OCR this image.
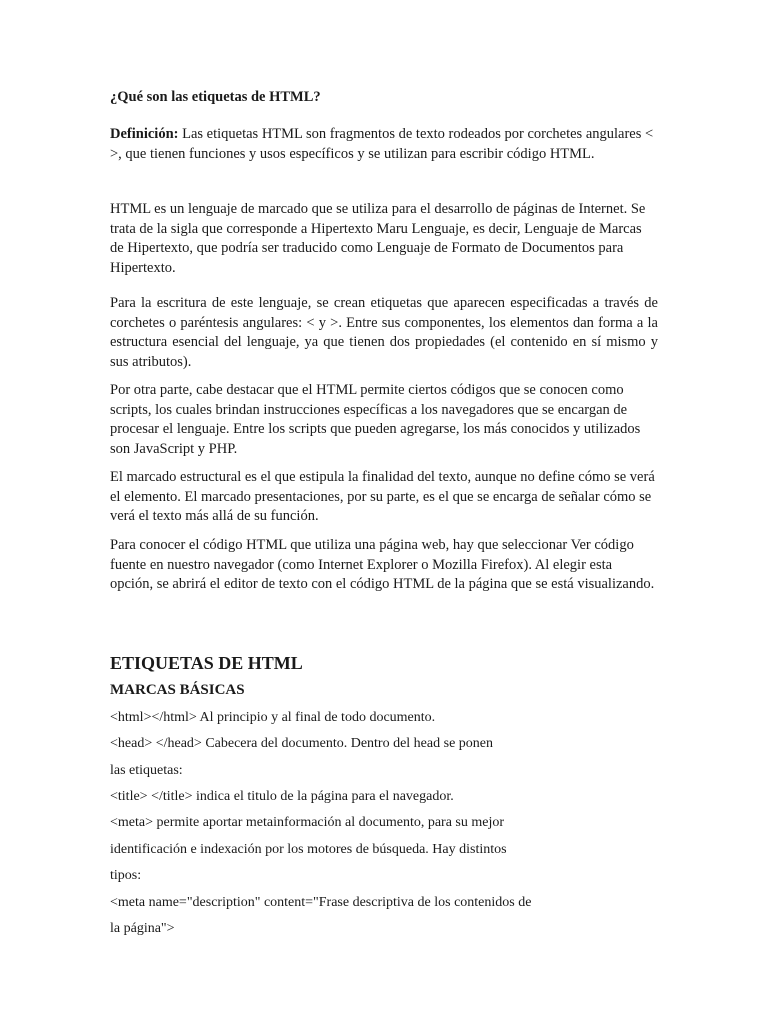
¿Qué son las etiquetas de HTML?

Definición: Las etiquetas HTML son fragmentos de texto rodeados por corchetes angulares < >, que tienen funciones y usos específicos y se utilizan para escribir código HTML.

HTML es un lenguaje de marcado que se utiliza para el desarrollo de páginas de Internet. Se trata de la sigla que corresponde a Hipertexto Maru Lenguaje, es decir, Lenguaje de Marcas de Hipertexto, que podría ser traducido como Lenguaje de Formato de Documentos para Hipertexto.

Para la escritura de este lenguaje, se crean etiquetas que aparecen especificadas a través de corchetes o paréntesis angulares: < y >. Entre sus componentes, los elementos dan forma a la estructura esencial del lenguaje, ya que tienen dos propiedades (el contenido en sí mismo y sus atributos).

Por otra parte, cabe destacar que el HTML permite ciertos códigos que se conocen como scripts, los cuales brindan instrucciones específicas a los navegadores que se encargan de procesar el lenguaje. Entre los scripts que pueden agregarse, los más conocidos y utilizados son JavaScript y PHP.

El marcado estructural es el que estipula la finalidad del texto, aunque no define cómo se verá el elemento. El marcado presentaciones, por su parte, es el que se encarga de señalar cómo se verá el texto más allá de su función.

Para conocer el código HTML que utiliza una página web, hay que seleccionar Ver código fuente en nuestro navegador (como Internet Explorer o Mozilla Firefox). Al elegir esta opción, se abrirá el editor de texto con el código HTML de la página que se está visualizando.

ETIQUETAS DE HTML
MARCAS BÁSICAS
<html></html> Al principio y al final de todo documento.
<head> </head> Cabecera del documento. Dentro del head se ponen
las etiquetas:
<title> </title> indica el titulo de la página para el navegador.
<meta> permite aportar metainformación al documento, para su mejor
identificación e indexación por los motores de búsqueda. Hay distintos
tipos:
<meta name="description" content="Frase descriptiva de los contenidos de
la página">
